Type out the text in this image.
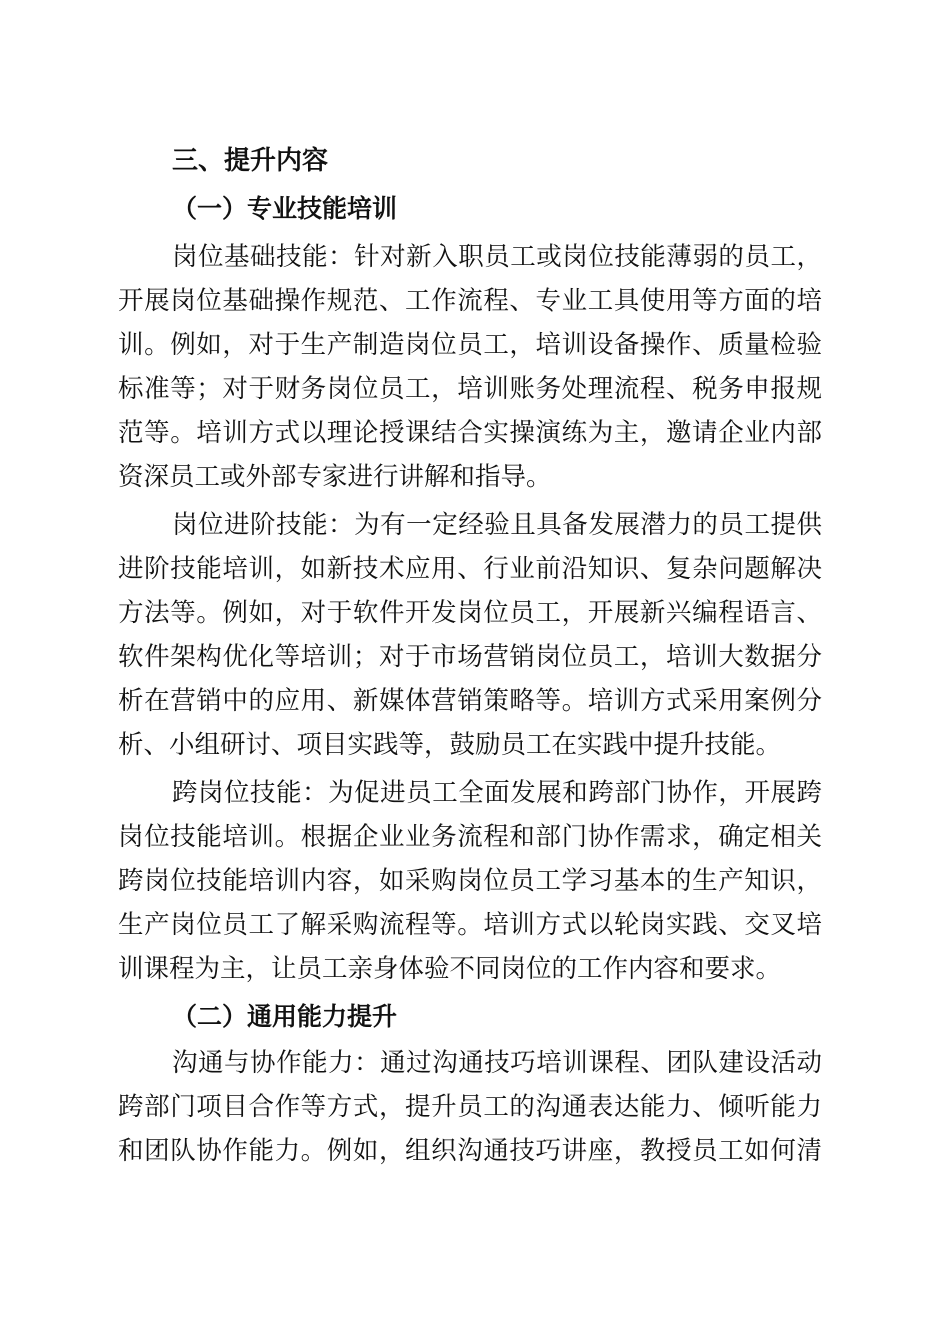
三、提升内容
（一）专业技能培训
岗位基础技能：针对新入职员工或岗位技能薄弱的员工，
开展岗位基础操作规范、工作流程、专业工具使用等方面的培
训。例如，对于生产制造岗位员工，培训设备操作、质量检验
标准等；对于财务岗位员工，培训账务处理流程、税务申报规
范等。培训方式以理论授课结合实操演练为主，邀请企业内部
资深员工或外部专家进行讲解和指导。
岗位进阶技能：为有一定经验且具备发展潜力的员工提供
进阶技能培训，如新技术应用、行业前沿知识、复杂问题解决
方法等。例如，对于软件开发岗位员工，开展新兴编程语言、
软件架构优化等培训；对于市场营销岗位员工，培训大数据分
析在营销中的应用、新媒体营销策略等。培训方式采用案例分
析、小组研讨、项目实践等，鼓励员工在实践中提升技能。
跨岗位技能：为促进员工全面发展和跨部门协作，开展跨
岗位技能培训。根据企业业务流程和部门协作需求，确定相关
跨岗位技能培训内容，如采购岗位员工学习基本的生产知识，
生产岗位员工了解采购流程等。培训方式以轮岗实践、交叉培
训课程为主，让员工亲身体验不同岗位的工作内容和要求。
（二）通用能力提升
沟通与协作能力：通过沟通技巧培训课程、团队建设活动
跨部门项目合作等方式，提升员工的沟通表达能力、倾听能力
和团队协作能力。例如，组织沟通技巧讲座，教授员工如何清
